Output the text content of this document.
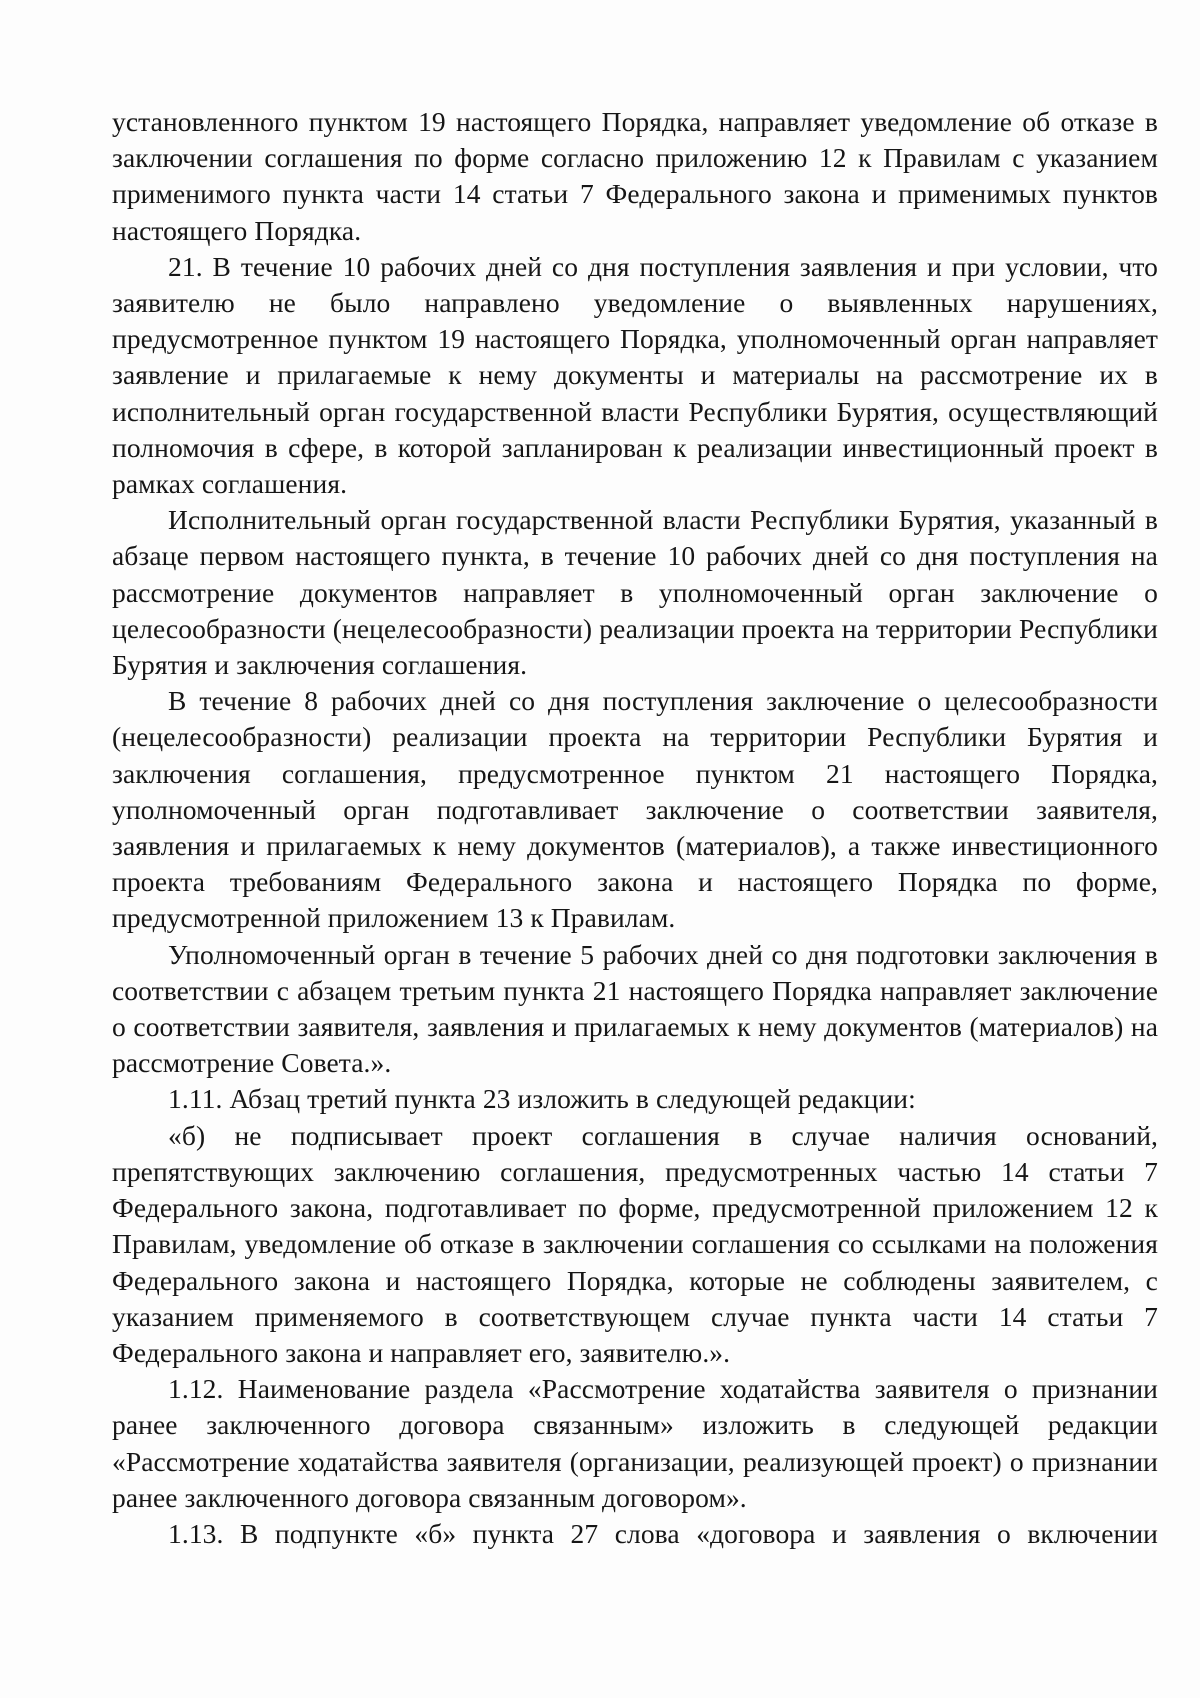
установленного пунктом 19 настоящего Порядка, направляет уведомление об отказе в заключении соглашения по форме согласно приложению 12 к Правилам с указанием применимого пункта части 14 статьи 7 Федерального закона и применимых пунктов настоящего Порядка.

21. В течение 10 рабочих дней со дня поступления заявления и при условии, что заявителю не было направлено уведомление о выявленных нарушениях, предусмотренное пунктом 19 настоящего Порядка, уполномоченный орган направляет заявление и прилагаемые к нему документы и материалы на рассмотрение их в исполнительный орган государственной власти Республики Бурятия, осуществляющий полномочия в сфере, в которой запланирован к реализации инвестиционный проект в рамках соглашения.

Исполнительный орган государственной власти Республики Бурятия, указанный в абзаце первом настоящего пункта, в течение 10 рабочих дней со дня поступления на рассмотрение документов направляет в уполномоченный орган заключение о целесообразности (нецелесообразности) реализации проекта на территории Республики Бурятия и заключения соглашения.

В течение 8 рабочих дней со дня поступления заключение о целесообразности (нецелесообразности) реализации проекта на территории Республики Бурятия и заключения соглашения, предусмотренное пунктом 21 настоящего Порядка, уполномоченный орган подготавливает заключение о соответствии заявителя, заявления и прилагаемых к нему документов (материалов), а также инвестиционного проекта требованиям Федерального закона и настоящего Порядка по форме, предусмотренной приложением 13 к Правилам.

Уполномоченный орган в течение 5 рабочих дней со дня подготовки заключения в соответствии с абзацем третьим пункта 21 настоящего Порядка направляет заключение о соответствии заявителя, заявления и прилагаемых к нему документов (материалов) на рассмотрение Совета.».

1.11. Абзац третий пункта 23 изложить в следующей редакции:

«б) не подписывает проект соглашения в случае наличия оснований, препятствующих заключению соглашения, предусмотренных частью 14 статьи 7 Федерального закона, подготавливает по форме, предусмотренной приложением 12 к Правилам, уведомление об отказе в заключении соглашения со ссылками на положения Федерального закона и настоящего Порядка, которые не соблюдены заявителем, с указанием применяемого в соответствующем случае пункта части 14 статьи 7 Федерального закона и направляет его, заявителю.».

1.12. Наименование раздела «Рассмотрение ходатайства заявителя о признании ранее заключенного договора связанным» изложить в следующей редакции «Рассмотрение ходатайства заявителя (организации, реализующей проект) о признании ранее заключенного договора связанным договором».

1.13. В подпункте «б» пункта 27 слова «договора и заявления о включении
